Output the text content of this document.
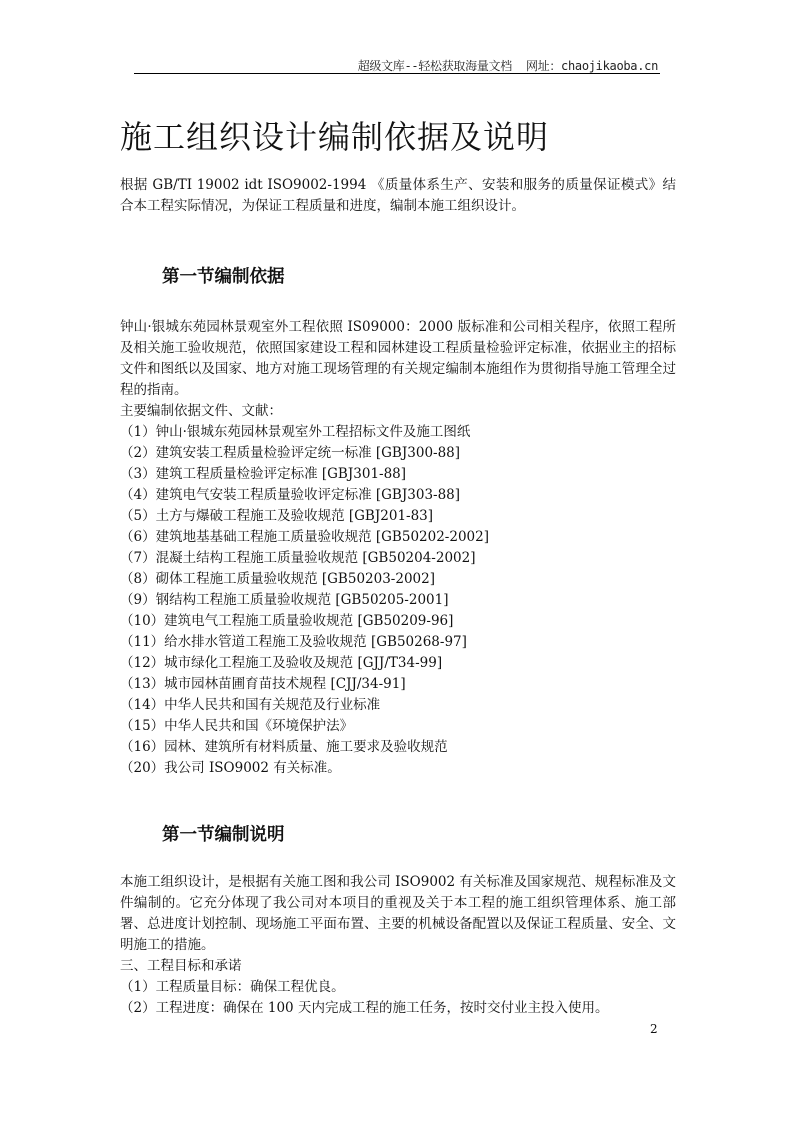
超级文库--轻松获取海量文档 网址：chaojikaoba.cn
施工组织设计编制依据及说明
根据 GB/TI 19002 idt ISO9002-1994 《质量体系生产、安装和服务的质量保证模式》结合本工程实际情况，为保证工程质量和进度，编制本施工组织设计。
第一节编制依据
钟山·银城东苑园林景观室外工程依照 IS09000：2000 版标准和公司相关程序，依照工程所及相关施工验收规范，依照国家建设工程和园林建设工程质量检验评定标准，依据业主的招标文件和图纸以及国家、地方对施工现场管理的有关规定编制本施组作为贯彻指导施工管理全过程的指南。
主要编制依据文件、文献：
（1）钟山·银城东苑园林景观室外工程招标文件及施工图纸
（2）建筑安装工程质量检验评定统一标准 [GBJ300-88]
（3）建筑工程质量检验评定标准 [GBJ301-88]
（4）建筑电气安装工程质量验收评定标准 [GBJ303-88]
（5）土方与爆破工程施工及验收规范 [GBJ201-83]
（6）建筑地基基础工程施工质量验收规范 [GB50202-2002]
（7）混凝土结构工程施工质量验收规范 [GB50204-2002]
（8）砌体工程施工质量验收规范 [GB50203-2002]
（9）钢结构工程施工质量验收规范 [GB50205-2001]
（10）建筑电气工程施工质量验收规范 [GB50209-96]
（11）给水排水管道工程施工及验收规范 [GB50268-97]
（12）城市绿化工程施工及验收及规范 [GJJ/T34-99]
（13）城市园林苗圃育苗技术规程 [CJJ/34-91]
（14）中华人民共和国有关规范及行业标准
（15）中华人民共和国《环境保护法》
（16）园林、建筑所有材料质量、施工要求及验收规范
（20）我公司 ISO9002 有关标准。
第一节编制说明
本施工组织设计，是根据有关施工图和我公司 ISO9002 有关标准及国家规范、规程标准及文件编制的。它充分体现了我公司对本项目的重视及关于本工程的施工组织管理体系、施工部署、总进度计划控制、现场施工平面布置、主要的机械设备配置以及保证工程质量、安全、文明施工的措施。
三、工程目标和承诺
（1）工程质量目标：确保工程优良。
（2）工程进度：确保在 100 天内完成工程的施工任务，按时交付业主投入使用。
2
